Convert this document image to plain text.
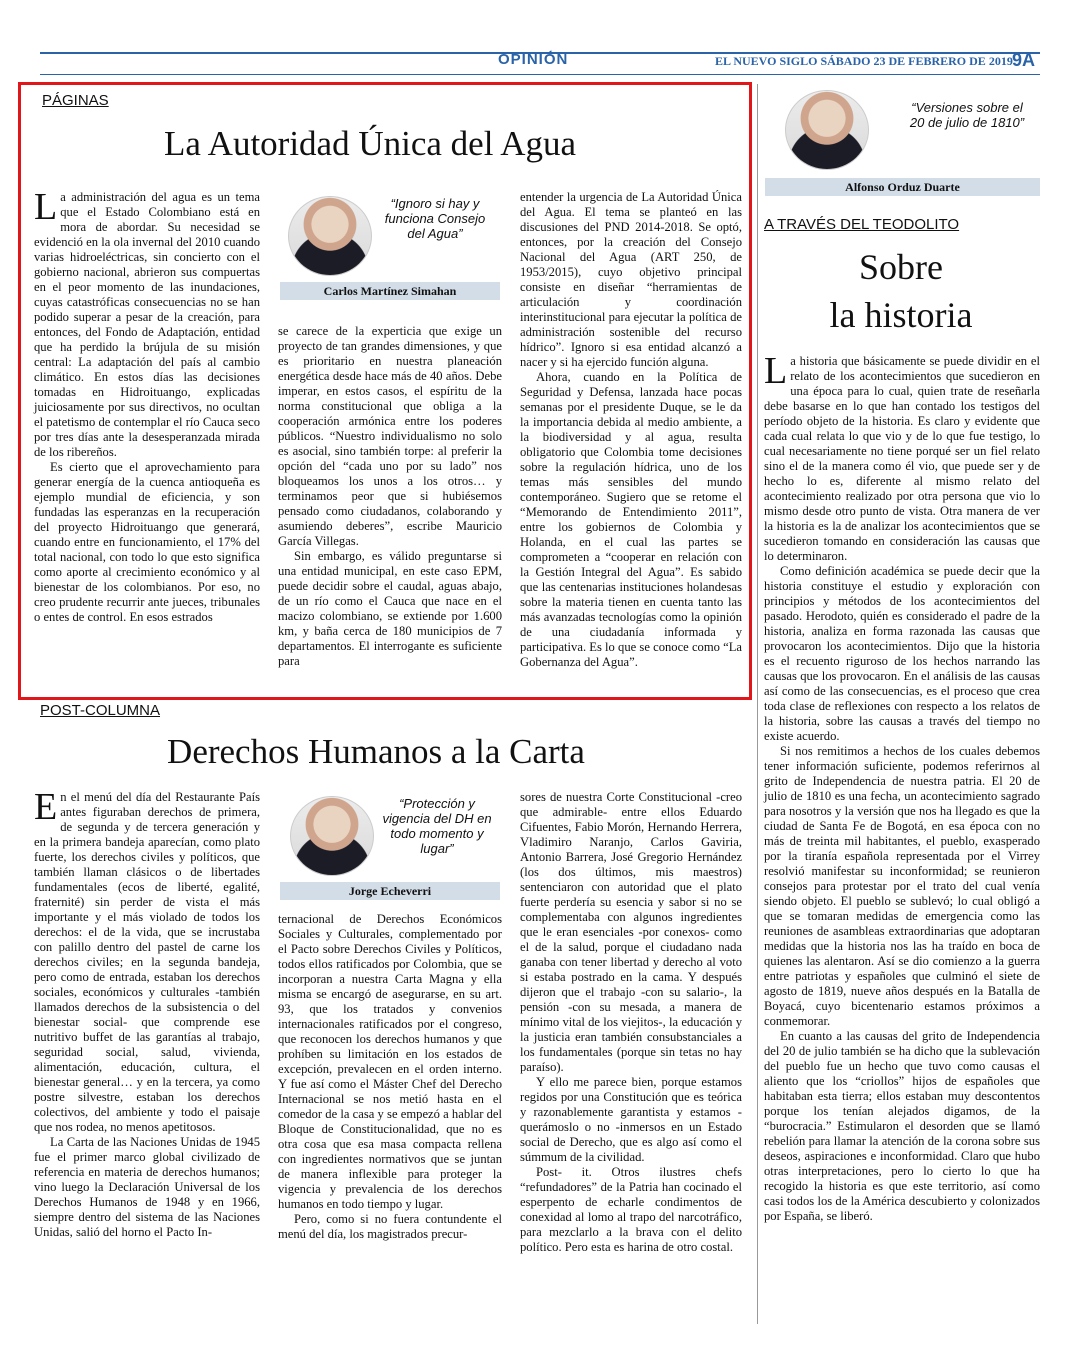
OPINIÓN	EL NUEVO SIGLO SÁBADO 23 DE FEBRERO DE 2019 9A
PÁGINAS
La Autoridad Única del Agua

La administración del agua es un tema que el Estado Colombiano está en mora de abordar. Su necesidad se evidenció en la ola invernal del 2010 cuando varias hidroeléctricas, sin concierto con el gobierno nacional, abrieron sus compuertas en el peor momento de las inundaciones, cuyas catastróficas consecuencias no se han podido superar a pesar de la creación, para entonces, del Fondo de Adaptación, entidad que ha perdido la brújula de su misión central: La adaptación del país al cambio climático. En estos días las decisiones tomadas en Hidroituango, explicadas juiciosamente por sus directivos, no ocultan el patetismo de contemplar el río Cauca seco por tres días ante la desesperanzada mirada de los ribereños.

Es cierto que el aprovechamiento para generar energía de la cuenca antioqueña es ejemplo mundial de eficiencia, y son fundadas las esperanzas en la recuperación del proyecto Hidroituango que generará, cuando entre en funcionamiento, el 17% del total nacional, con todo lo que esto significa como aporte al crecimiento económico y al bienestar de los colombianos. Por eso, no creo prudente recurrir ante jueces, tribunales o entes de control. En esos estrados

“Ignoro si hay y funciona Consejo del Agua”
Carlos Martínez Simahan

se carece de la experticia que exige un proyecto de tan grandes dimensiones, y que es prioritario en nuestra planeación energética desde hace más de 40 años. Debe imperar, en estos casos, el espíritu de la norma constitucional que obliga a la cooperación armónica entre los poderes públicos. “Nuestro individualismo no solo es asocial, sino también torpe: al preferir la opción del “cada uno por su lado” nos bloqueamos los unos a los otros… y terminamos peor que si hubiésemos pensado como ciudadanos, colaborando y asumiendo deberes”, escribe Mauricio García Villegas.

Sin embargo, es válido preguntarse si una entidad municipal, en este caso EPM, puede decidir sobre el caudal, aguas abajo, de un río como el Cauca que nace en el macizo colombiano, se extiende por 1.600 km, y baña cerca de 180 municipios de 7 departamentos. El interrogante es suficiente para

entender la urgencia de La Autoridad Única del Agua. El tema se planteó en las discusiones del PND 2014-2018. Se optó, entonces, por la creación del Consejo Nacional del Agua (ART 250, de 1953/2015), cuyo objetivo principal consiste en diseñar “herramientas de articulación y coordinación interinstitucional para ejecutar la política de administración sostenible del recurso hídrico”. Ignoro si esa entidad alcanzó a nacer y si ha ejercido función alguna.

Ahora, cuando en la Política de Seguridad y Defensa, lanzada hace pocas semanas por el presidente Duque, se le da la importancia debida al medio ambiente, a la biodiversidad y al agua, resulta obligatorio que Colombia tome decisiones sobre la regulación hídrica, uno de los temas más sensibles del mundo contemporáneo. Sugiero que se retome el “Memorando de Entendimiento 2011”, entre los gobiernos de Colombia y Holanda, en el cual las partes se comprometen a “cooperar en relación con la Gestión Integral del Agua”. Es sabido que las centenarias instituciones holandesas sobre la materia tienen en cuenta tanto las más avanzadas tecnologías como la opinión de una ciudadanía informada y participativa. Es lo que se conoce como “La Gobernanza del Agua”.

POST-COLUMNA
Derechos Humanos a la Carta

En el menú del día del Restaurante País antes figuraban derechos de primera, de segunda y de tercera generación y en la primera bandeja aparecían, como plato fuerte, los derechos civiles y políticos, que también llaman clásicos o de libertades fundamentales (ecos de liberté, egalité, fraternité) sin perder de vista el más importante y el más violado de todos los derechos: el de la vida, que se incrustaba con palillo dentro del pastel de carne los derechos civiles; en la segunda bandeja, pero como de entrada, estaban los derechos sociales, económicos y culturales -también llamados derechos de la subsistencia o del bienestar social- que comprende ese nutritivo buffet de las garantías al trabajo, seguridad social, salud, vivienda, alimentación, educación, cultura, el bienestar general… y en la tercera, ya como postre silvestre, estaban los derechos colectivos, del ambiente y todo el paisaje que nos rodea, no menos apetitosos.

La Carta de las Naciones Unidas de 1945 fue el primer marco global civilizado de referencia en materia de derechos humanos; vino luego la Declaración Universal de los Derechos Humanos de 1948 y en 1966, siempre dentro del sistema de las Naciones Unidas, salió del horno el Pacto In-

“Protección y vigencia del DH en todo momento y lugar”
Jorge Echeverri

ternacional de Derechos Económicos Sociales y Culturales, complementado por el Pacto sobre Derechos Civiles y Políticos, todos ellos ratificados por Colombia, que se incorporan a nuestra Carta Magna y ella misma se encargó de asegurarse, en su art. 93, que los tratados y convenios internacionales ratificados por el congreso, que reconocen los derechos humanos y que prohíben su limitación en los estados de excepción, prevalecen en el orden interno. Y fue así como el Máster Chef del Derecho Internacional se nos metió hasta en el comedor de la casa y se empezó a hablar del Bloque de Constitucionalidad, que no es otra cosa que esa masa compacta rellena con ingredientes normativos que se juntan de manera inflexible para proteger la vigencia y prevalencia de los derechos humanos en todo tiempo y lugar.

Pero, como si no fuera contundente el menú del día, los magistrados precur-

sores de nuestra Corte Constitucional -creo que admirable- entre ellos Eduardo Cifuentes, Fabio Morón, Hernando Herrera, Vladimiro Naranjo, Carlos Gaviria, Antonio Barrera, José Gregorio Hernández (los dos últimos, mis maestros) sentenciaron con autoridad que el plato fuerte perdería su esencia y sabor si no se complementaba con algunos ingredientes que le eran esenciales -por conexos- como el de la salud, porque el ciudadano nada ganaba con tener libertad y derecho al voto si estaba postrado en la cama. Y después dijeron que el trabajo -con su salario-, la pensión -con su mesada, a manera de mínimo vital de los viejitos-, la educación y la justicia eran también consubstanciales a los fundamentales (porque sin tetas no hay paraíso).

Y ello me parece bien, porque estamos regidos por una Constitución que es teórica y razonablemente garantista y estamos -querámoslo o no -inmersos en un Estado social de Derecho, que es algo así como el súmmum de la civilidad.

Post- it. Otros ilustres chefs “refundadores” de la Patria han cocinado el esperpento de echarle condimentos de conexidad al lomo al trapo del narcotráfico, para mezclarlo a la brava con el delito político. Pero esta es harina de otro costal.

“Versiones sobre el 20 de julio de 1810”
Alfonso Orduz Duarte
A TRAVÉS DEL TEODOLITO
Sobre
la historia

La historia que básicamente se puede dividir en el relato de los acontecimientos que sucedieron en una época para lo cual, quien trate de reseñarla debe basarse en lo que han contado los testigos del período objeto de la historia. Es claro y evidente que cada cual relata lo que vio y de lo que fue testigo, lo cual necesariamente no tiene porqué ser un fiel relato sino el de la manera como él vio, que puede ser y de hecho lo es, diferente al mismo relato del acontecimiento realizado por otra persona que vio lo mismo desde otro punto de vista. Otra manera de ver la historia es la de analizar los acontecimientos que se sucedieron tomando en consideración las causas que lo determinaron.

Como definición académica se puede decir que la historia constituye el estudio y exploración con principios y métodos de los acontecimientos del pasado. Herodoto, quién es considerado el padre de la historia, analiza en forma razonada las causas que provocaron los acontecimientos. Dijo que la historia es el recuento riguroso de los hechos narrando las causas que los provocaron. En el análisis de las causas así como de las consecuencias, es el proceso que crea toda clase de reflexiones con respecto a los relatos de la historia, sobre las causas a través del tiempo no existe acuerdo.

Si nos remitimos a hechos de los cuales debemos tener información suficiente, podemos referirnos al grito de Independencia de nuestra patria. El 20 de julio de 1810 es una fecha, un acontecimiento sagrado para nosotros y la versión que nos ha llegado es que la ciudad de Santa Fe de Bogotá, en esa época con no más de treinta mil habitantes, el pueblo, exasperado por la tiranía española representada por el Virrey resolvió manifestar su inconformidad; se reunieron consejos para protestar por el trato del cual venía siendo objeto. El pueblo se sublevó; lo cual obligó a que se tomaran medidas de emergencia como las reuniones de asambleas extraordinarias que adoptaran medidas que la historia nos las ha traído en boca de quienes las alentaron. Así se dio comienzo a la guerra entre patriotas y españoles que culminó el siete de agosto de 1819, nueve años después en la Batalla de Boyacá, cuyo bicentenario estamos próximos a conmemorar.

En cuanto a las causas del grito de Independencia del 20 de julio también se ha dicho que la sublevación del pueblo fue un hecho que tuvo como causas el aliento que los “criollos” hijos de españoles que habitaban esta tierra; ellos estaban muy descontentos porque los tenían alejados digamos, de la “burocracia.” Estimularon el desorden que se llamó rebelión para llamar la atención de la corona sobre sus deseos, aspiraciones e inconformidad. Claro que hubo otras interpretaciones, pero lo cierto lo que ha recogido la historia es que este territorio, así como casi todos los de la América descubierto y colonizados por España, se liberó.
